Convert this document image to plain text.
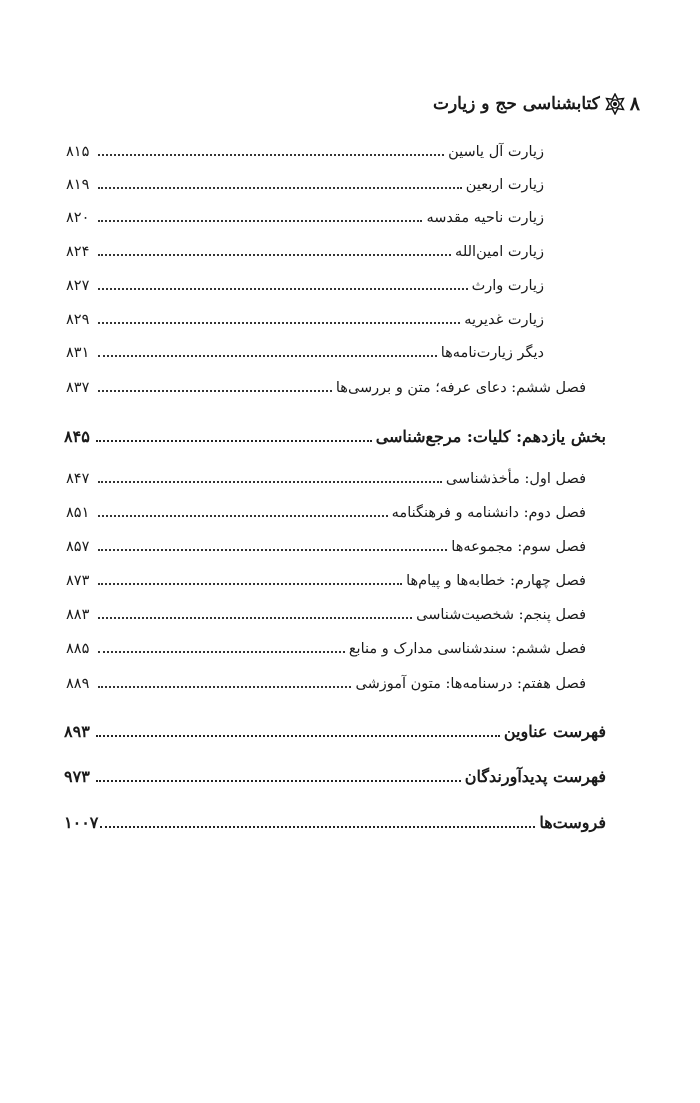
۸
کتابشناسی حج و زیارت
زیارت آل یاسین
۸۱۵
زیارت اربعین
۸۱۹
زیارت ناحیه مقدسه
۸۲۰
زیارت امین‌الله
۸۲۴
زیارت وارث
۸۲۷
زیارت غدیریه
۸۲۹
دیگر زیارت‌نامه‌ها
۸۳۱
فصل ششم: دعای عرفه؛ متن و بررسی‌ها
۸۳۷
بخش یازدهم: کلیات: مرجع‌شناسی
۸۴۵
فصل اول: مأخذشناسی
۸۴۷
فصل دوم: دانشنامه و فرهنگنامه
۸۵۱
فصل سوم: مجموعه‌ها
۸۵۷
فصل چهارم: خطابه‌ها و پیام‌ها
۸۷۳
فصل پنجم: شخصیت‌شناسی
۸۸۳
فصل ششم: سندشناسی مدارک و منابع
۸۸۵
فصل هفتم: درسنامه‌ها: متون آموزشی
۸۸۹
فهرست عناوین
۸۹۳
فهرست پدیدآورندگان
۹۷۳
فروست‌ها
۱۰۰۷
